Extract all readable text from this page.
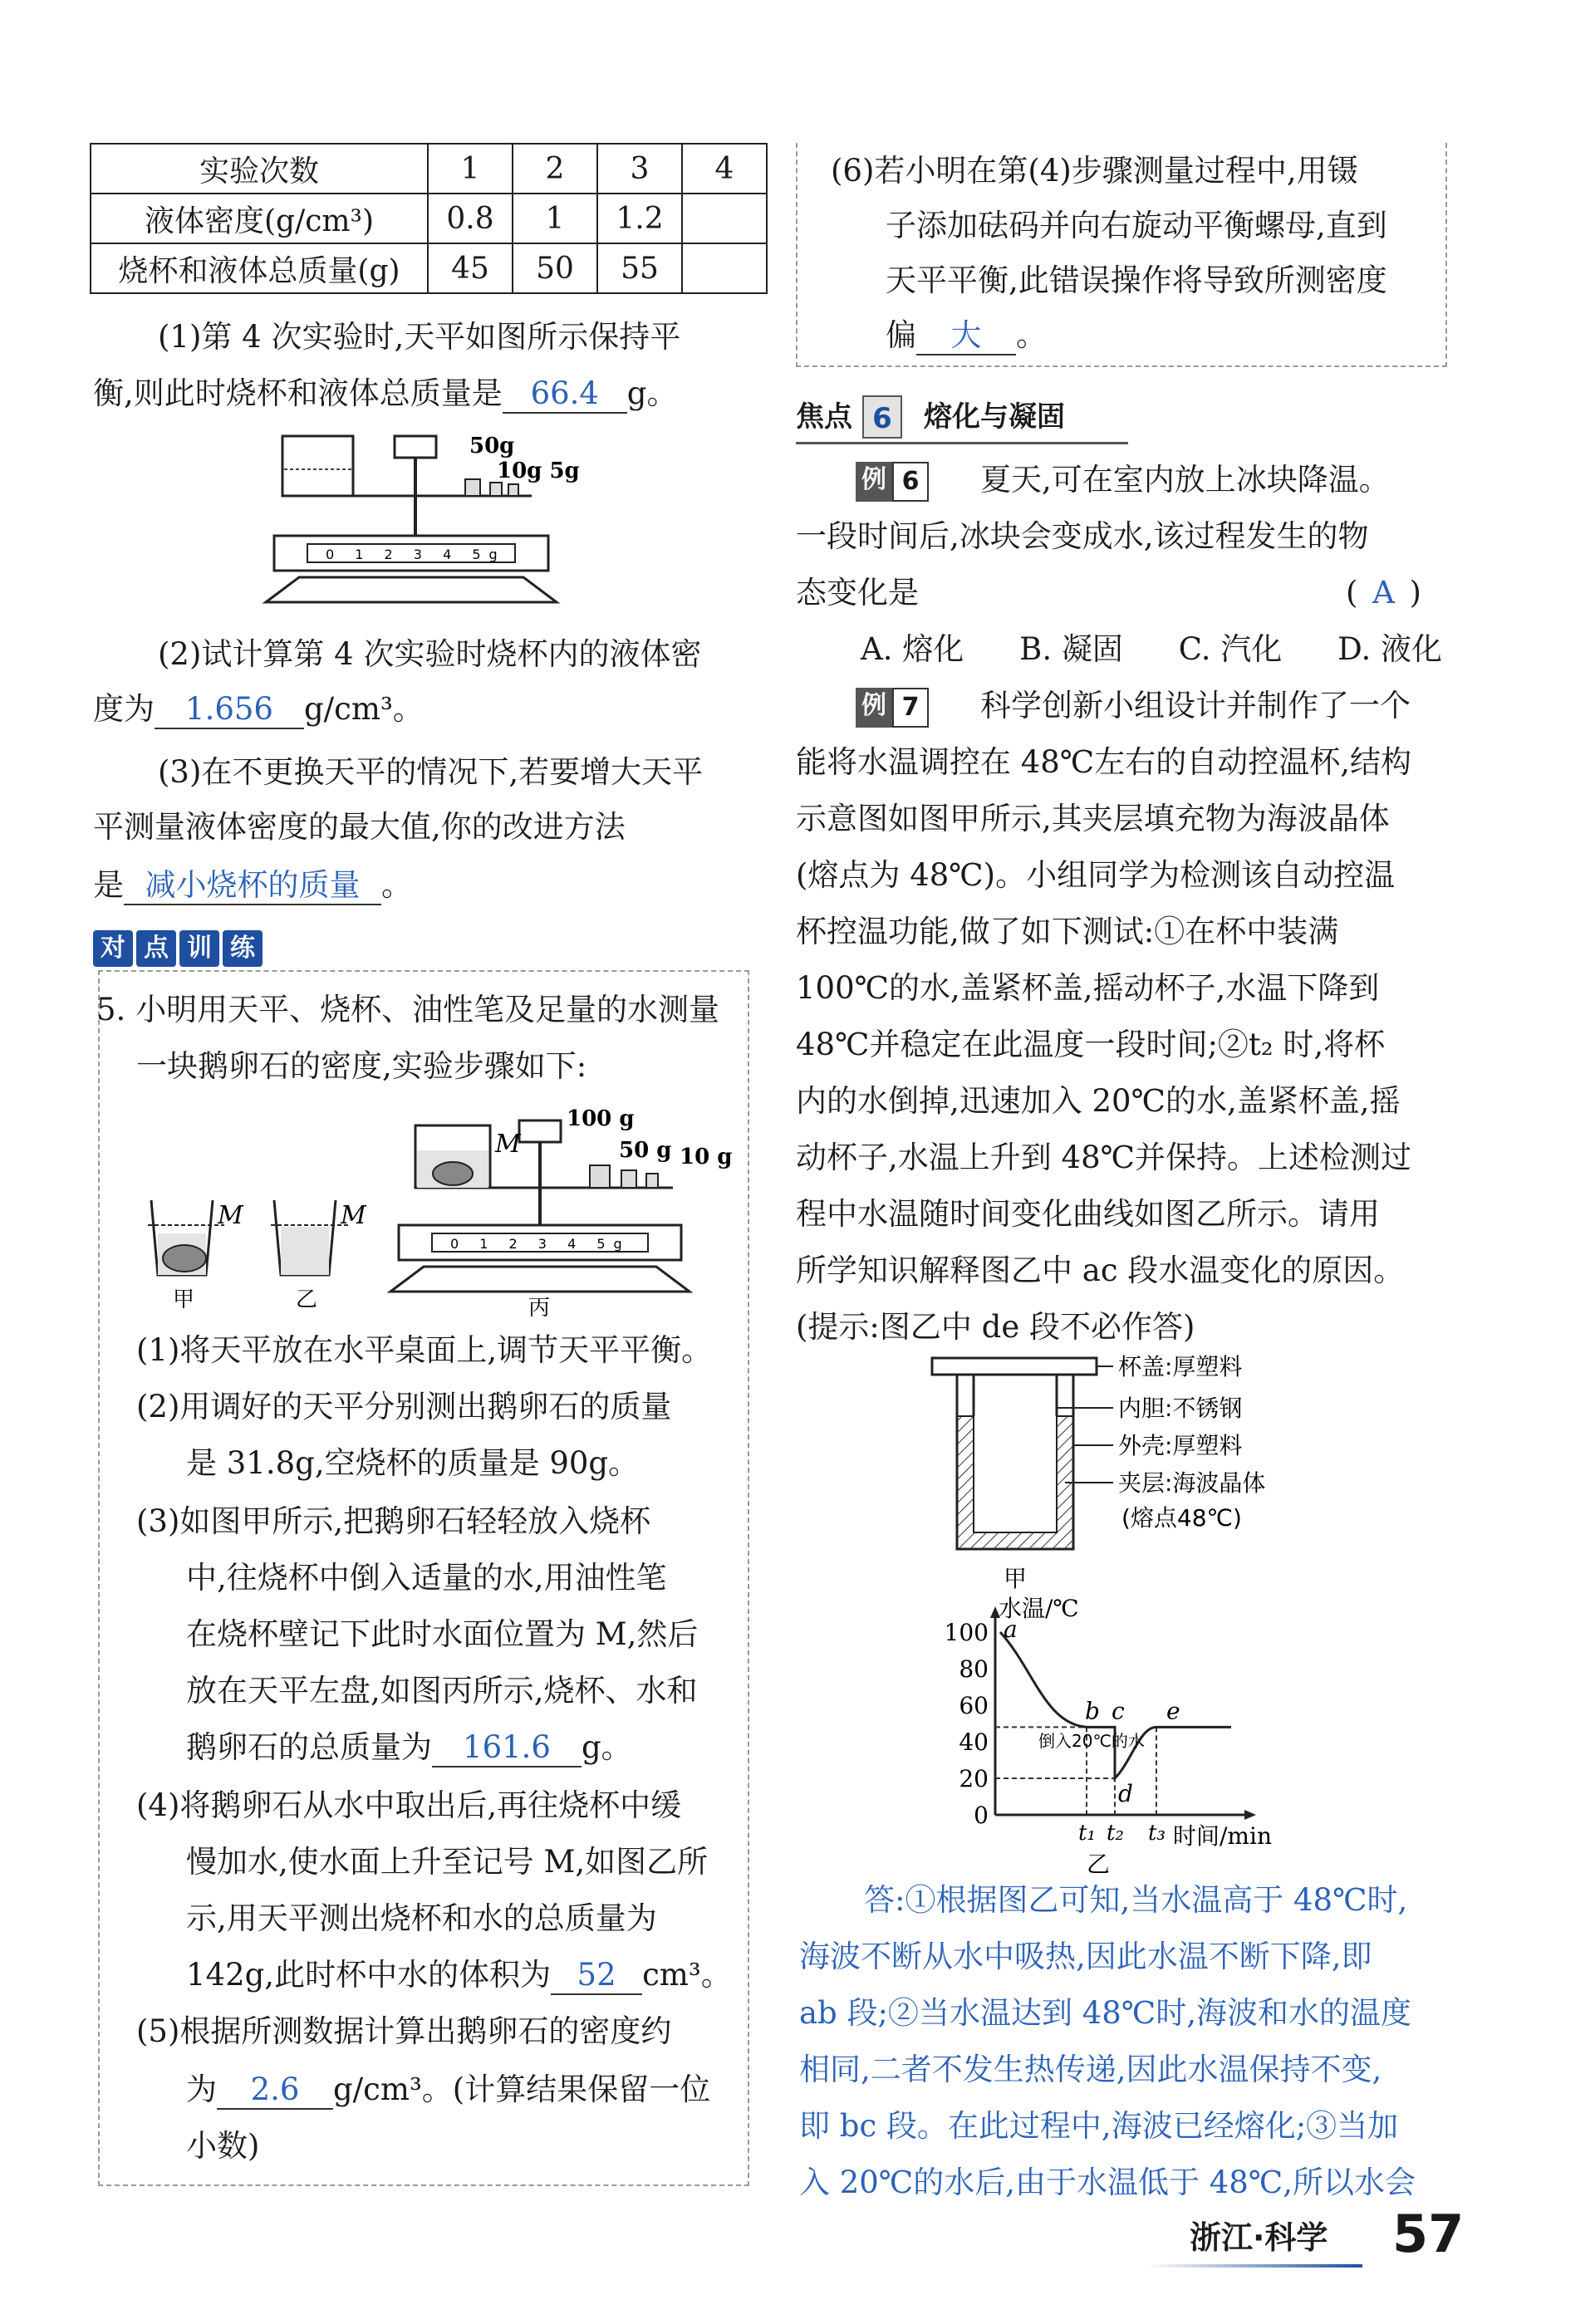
实验次数	1	2	3	4
液体密度(g/cm³)	0.8	1	1.2	
烧杯和液体总质量(g)	45	50	55	
(1)第 4 次实验时,天平如图所示保持平
衡,则此时烧杯和液体总质量是 66.4 g。
50g
10g 5g
0 1 2 3 4 5g
(2)试计算第 4 次实验时烧杯内的液体密
度为 1.656 g/cm³。
(3)在不更换天平的情况下,若要增大天平
平测量液体密度的最大值,你的改进方法
是 减小烧杯的质量 。
对 点 训 练
5. 小明用天平、烧杯、油性笔及足量的水测量
一块鹅卵石的密度,实验步骤如下:
M
甲
M
乙
M
100 g
50 g 10 g
0 1 2 3 4 5g
丙
(1)将天平放在水平桌面上,调节天平平衡。
(2)用调好的天平分别测出鹅卵石的质量
是 31.8g,空烧杯的质量是 90g。
(3)如图甲所示,把鹅卵石轻轻放入烧杯
中,往烧杯中倒入适量的水,用油性笔
在烧杯壁记下此时水面位置为 M,然后
放在天平左盘,如图丙所示,烧杯、水和
鹅卵石的总质量为 161.6 g。
(4)将鹅卵石从水中取出后,再往烧杯中缓
慢加水,使水面上升至记号 M,如图乙所
示,用天平测出烧杯和水的总质量为
142g,此时杯中水的体积为 52 cm³。
(5)根据所测数据计算出鹅卵石的密度约
为 2.6 g/cm³。(计算结果保留一位
小数)
(6)若小明在第(4)步骤测量过程中,用镊
子添加砝码并向右旋动平衡螺母,直到
天平平衡,此错误操作将导致所测密度
偏 大 。
焦点 6	熔化与凝固
例 6	夏天,可在室内放上冰块降温。
一段时间后,冰块会变成水,该过程发生的物
态变化是	( A )
A. 熔化 B. 凝固 C. 汽化 D. 液化
例 7	科学创新小组设计并制作了一个
能将水温调控在 48℃左右的自动控温杯,结构
示意图如图甲所示,其夹层填充物为海波晶体
(熔点为 48℃)。小组同学为检测该自动控温
杯控温功能,做了如下测试:①在杯中装满
100℃的水,盖紧杯盖,摇动杯子,水温下降到
48℃并稳定在此温度一段时间;②t₂ 时,将杯
内的水倒掉,迅速加入 20℃的水,盖紧杯盖,摇
动杯子,水温上升到 48℃并保持。上述检测过
程中水温随时间变化曲线如图乙所示。请用
所学知识解释图乙中 ac 段水温变化的原因。
(提示:图乙中 de 段不必作答)
杯盖:厚塑料
内胆:不锈钢
外壳:厚塑料
夹层:海波晶体
(熔点48℃)
甲
水温/℃
时间/min
100
80
60
40
20
0
t₁ t₂ t₃
a
b c
d
e
倒入20℃的水
乙
答:①根据图乙可知,当水温高于 48℃时,
海波不断从水中吸热,因此水温不断下降,即
ab 段;②当水温达到 48℃时,海波和水的温度
相同,二者不发生热传递,因此水温保持不变,
即 bc 段。在此过程中,海波已经熔化;③当加
入 20℃的水后,由于水温低于 48℃,所以水会
浙江·科学 57
